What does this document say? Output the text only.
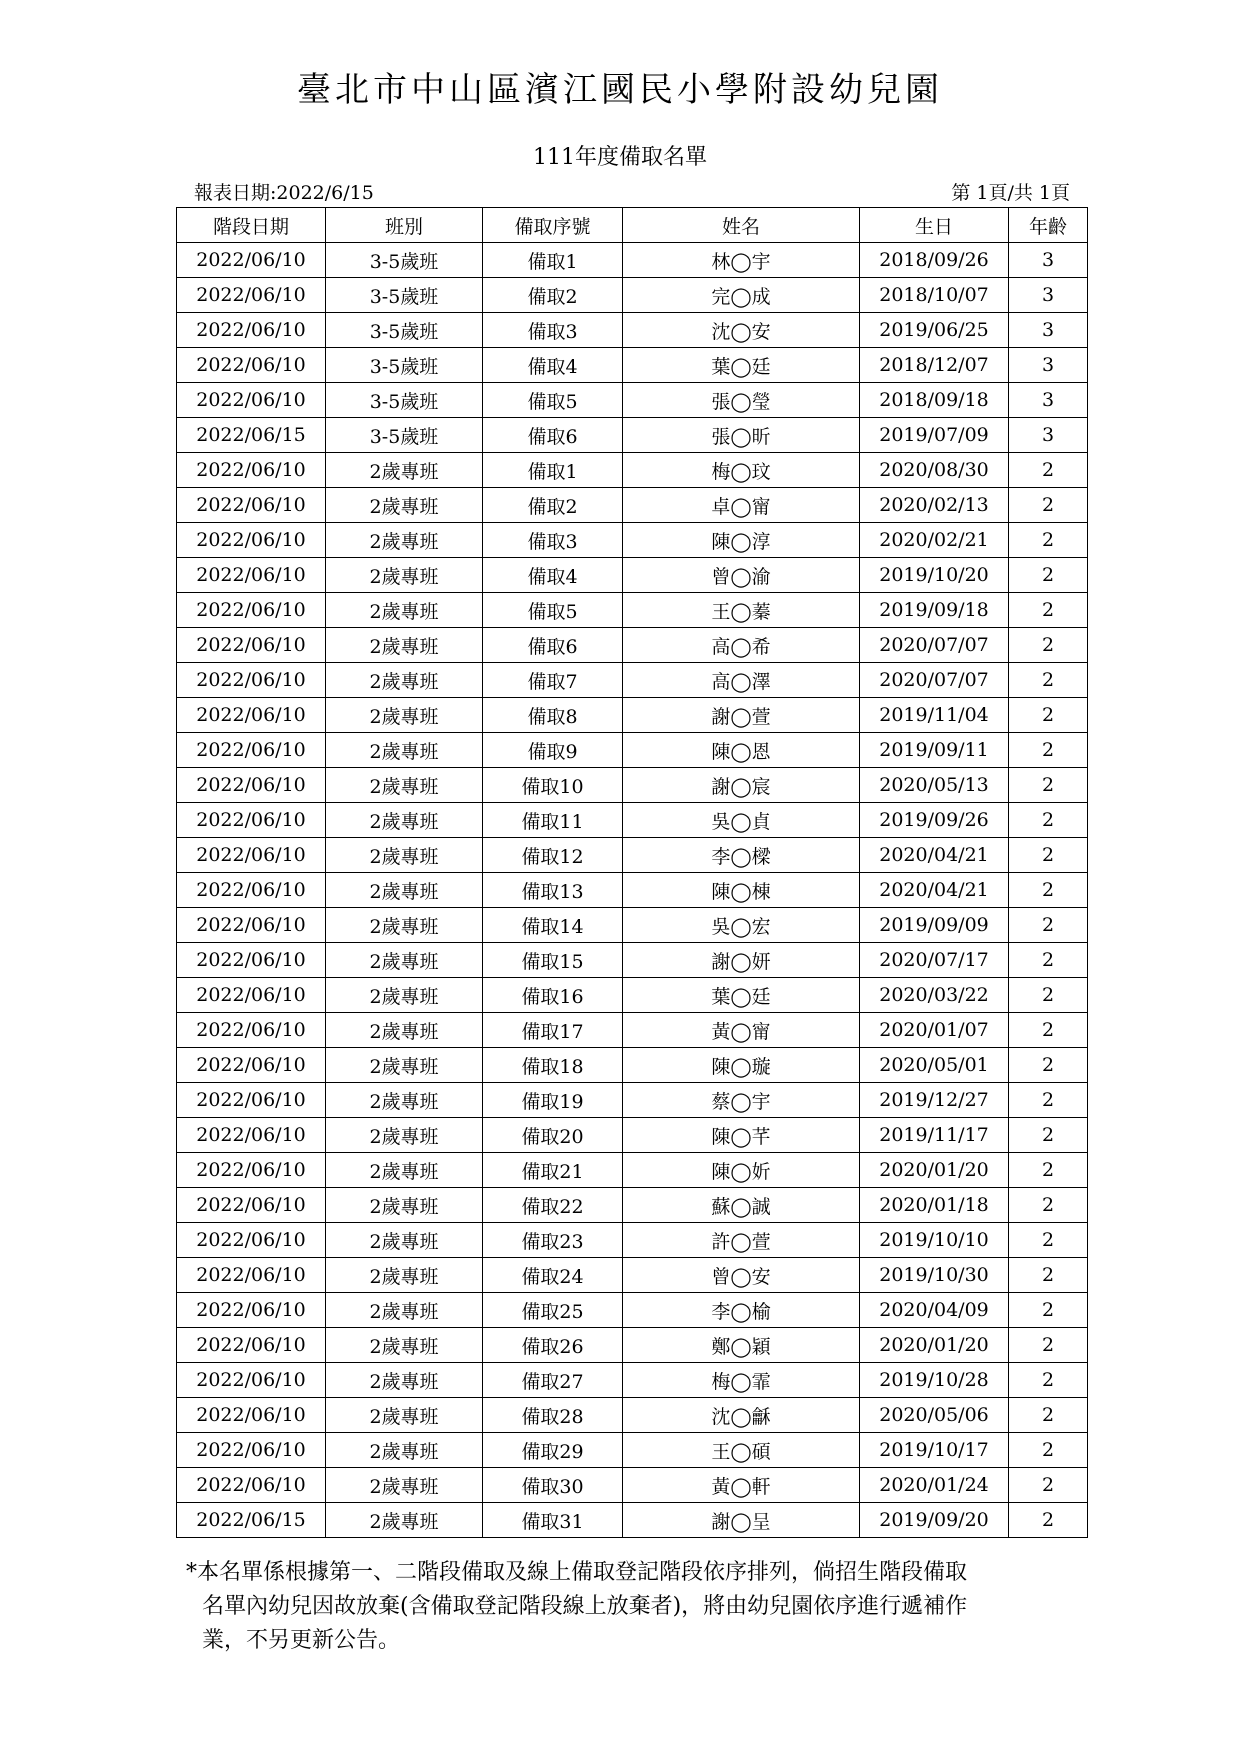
臺北市中山區濱江國民小學附設幼兒園
111年度備取名單
報表日期:2022/6/15	第 1頁/共 1頁
階段日期	班別	備取序號	姓名	生日	年齡
2022/06/10	3-5歲班	備取1	林◯宇	2018/09/26	3
2022/06/10	3-5歲班	備取2	完◯成	2018/10/07	3
2022/06/10	3-5歲班	備取3	沈◯安	2019/06/25	3
2022/06/10	3-5歲班	備取4	葉◯廷	2018/12/07	3
2022/06/10	3-5歲班	備取5	張◯瑩	2018/09/18	3
2022/06/15	3-5歲班	備取6	張◯昕	2019/07/09	3
2022/06/10	2歲專班	備取1	梅◯玟	2020/08/30	2
2022/06/10	2歲專班	備取2	卓◯甯	2020/02/13	2
2022/06/10	2歲專班	備取3	陳◯淳	2020/02/21	2
2022/06/10	2歲專班	備取4	曾◯渝	2019/10/20	2
2022/06/10	2歲專班	備取5	王◯蓁	2019/09/18	2
2022/06/10	2歲專班	備取6	高◯希	2020/07/07	2
2022/06/10	2歲專班	備取7	高◯澤	2020/07/07	2
2022/06/10	2歲專班	備取8	謝◯萱	2019/11/04	2
2022/06/10	2歲專班	備取9	陳◯恩	2019/09/11	2
2022/06/10	2歲專班	備取10	謝◯宸	2020/05/13	2
2022/06/10	2歲專班	備取11	吳◯貞	2019/09/26	2
2022/06/10	2歲專班	備取12	李◯樑	2020/04/21	2
2022/06/10	2歲專班	備取13	陳◯棟	2020/04/21	2
2022/06/10	2歲專班	備取14	吳◯宏	2019/09/09	2
2022/06/10	2歲專班	備取15	謝◯妍	2020/07/17	2
2022/06/10	2歲專班	備取16	葉◯廷	2020/03/22	2
2022/06/10	2歲專班	備取17	黃◯甯	2020/01/07	2
2022/06/10	2歲專班	備取18	陳◯璇	2020/05/01	2
2022/06/10	2歲專班	備取19	蔡◯宇	2019/12/27	2
2022/06/10	2歲專班	備取20	陳◯芊	2019/11/17	2
2022/06/10	2歲專班	備取21	陳◯妡	2020/01/20	2
2022/06/10	2歲專班	備取22	蘇◯誠	2020/01/18	2
2022/06/10	2歲專班	備取23	許◯萱	2019/10/10	2
2022/06/10	2歲專班	備取24	曾◯安	2019/10/30	2
2022/06/10	2歲專班	備取25	李◯榆	2020/04/09	2
2022/06/10	2歲專班	備取26	鄭◯穎	2020/01/20	2
2022/06/10	2歲專班	備取27	梅◯霏	2019/10/28	2
2022/06/10	2歲專班	備取28	沈◯龢	2020/05/06	2
2022/06/10	2歲專班	備取29	王◯碩	2019/10/17	2
2022/06/10	2歲專班	備取30	黃◯軒	2020/01/24	2
2022/06/15	2歲專班	備取31	謝◯呈	2019/09/20	2
*本名單係根據第一、二階段備取及線上備取登記階段依序排列，倘招生階段備取
名單內幼兒因故放棄(含備取登記階段線上放棄者)，將由幼兒園依序進行遞補作
業，不另更新公告。
